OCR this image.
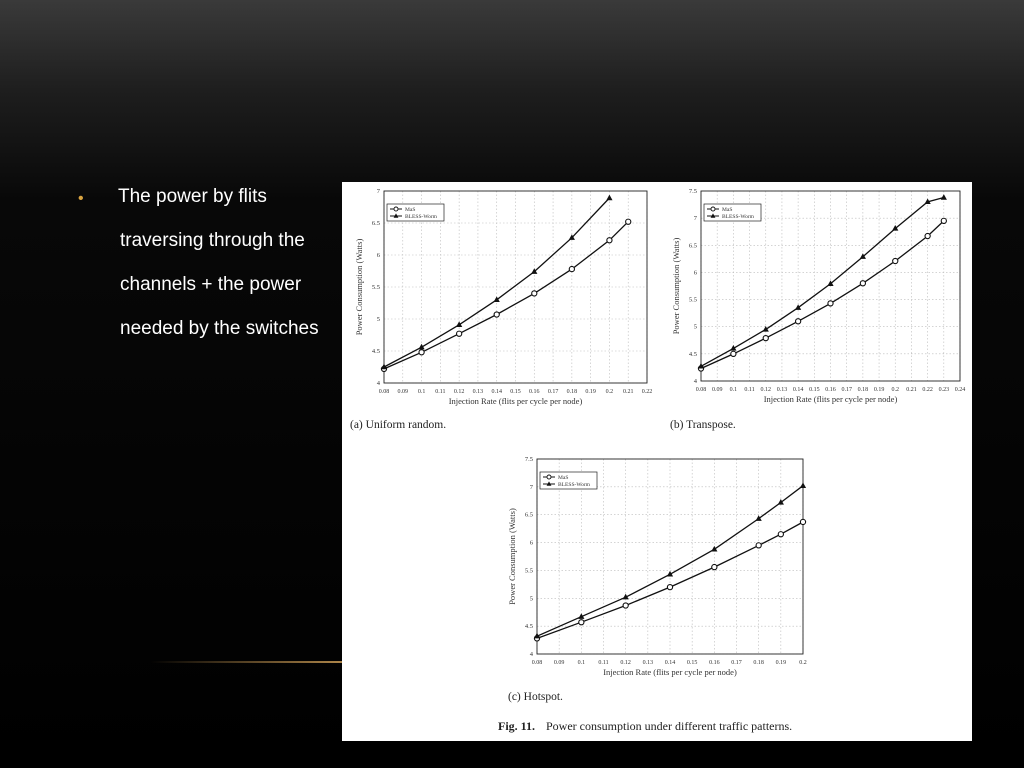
• The power by flits
traversing through the
channels + the power
needed by the switches
0.08 0.09 0.1 0.11 0.12 0.13 0.14 0.15 0.16 0.17 0.18 0.19 0.2 0.21 0.22
4
4.5
5
5.5
6
6.5
7
Injection Rate (flits per cycle per node)
Power Consumption (Watts)
MaS
BLESS-Worm
(a) Uniform random.
0.08 0.09 0.1 0.11 0.12 0.13 0.14 0.15 0.16 0.17 0.18 0.19 0.2 0.21 0.22 0.23 0.24
4
4.5
5
5.5
6
6.5
7
7.5
Injection Rate (flits per cycle per node)
Power Consumption (Watts)
MaS
BLESS-Worm
(b) Transpose.
0.08 0.09 0.1 0.11 0.12 0.13 0.14 0.15 0.16 0.17 0.18 0.19 0.2
4
4.5
5
5.5
6
6.5
7
7.5
Injection Rate (flits per cycle per node)
Power Consumption (Watts)
MaS
BLESS-Worm
(c) Hotspot.
Fig. 11. Power consumption under different traffic patterns.
